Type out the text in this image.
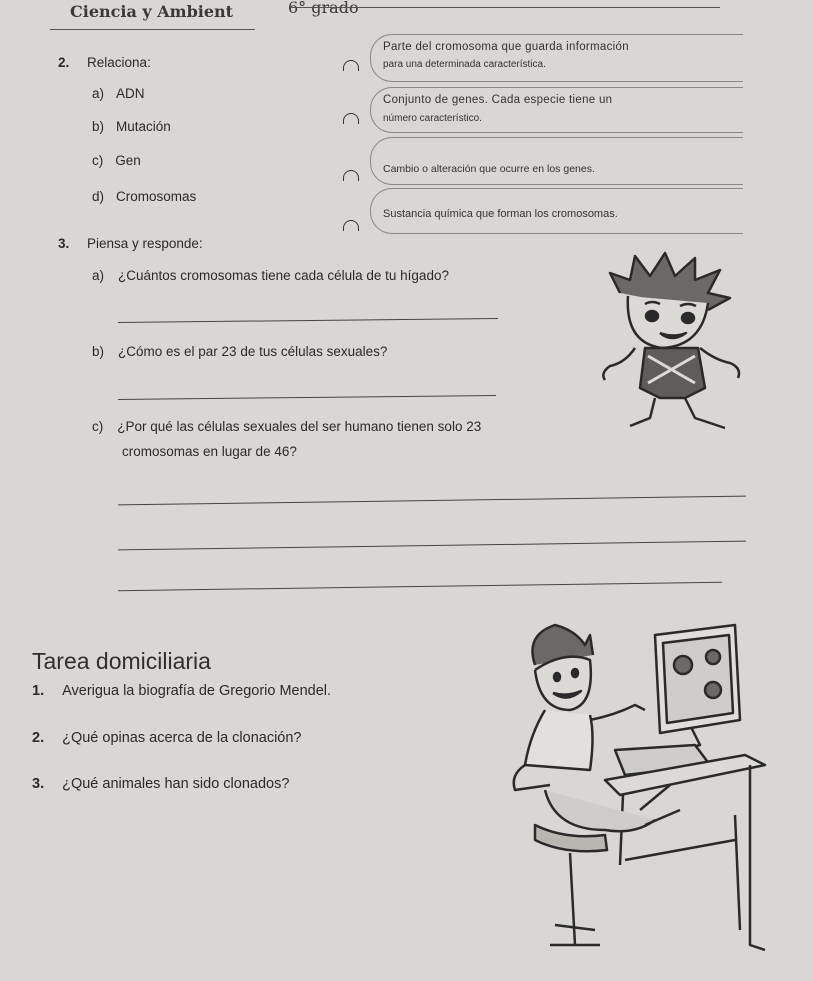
Ciencia y Ambient	6° grado
2. Relaciona:
a) ADN
b) Mutación
c) Gen
d) Cromosomas
Parte del cromosoma que guarda información
para una determinada característica.
Conjunto de genes. Cada especie tiene un
número característico.
Cambio o alteración que ocurre en los genes.
Sustancia química que forman los cromosomas.
3. Piensa y responde:
a) ¿Cuántos cromosomas tiene cada célula de tu hígado?
b) ¿Cómo es el par 23 de tus células sexuales?
c) ¿Por qué las células sexuales del ser humano tienen solo 23
cromosomas en lugar de 46?
Tarea domiciliaria
1. Averigua la biografía de Gregorio Mendel.
2. ¿Qué opinas acerca de la clonación?
3. ¿Qué animales han sido clonados?
